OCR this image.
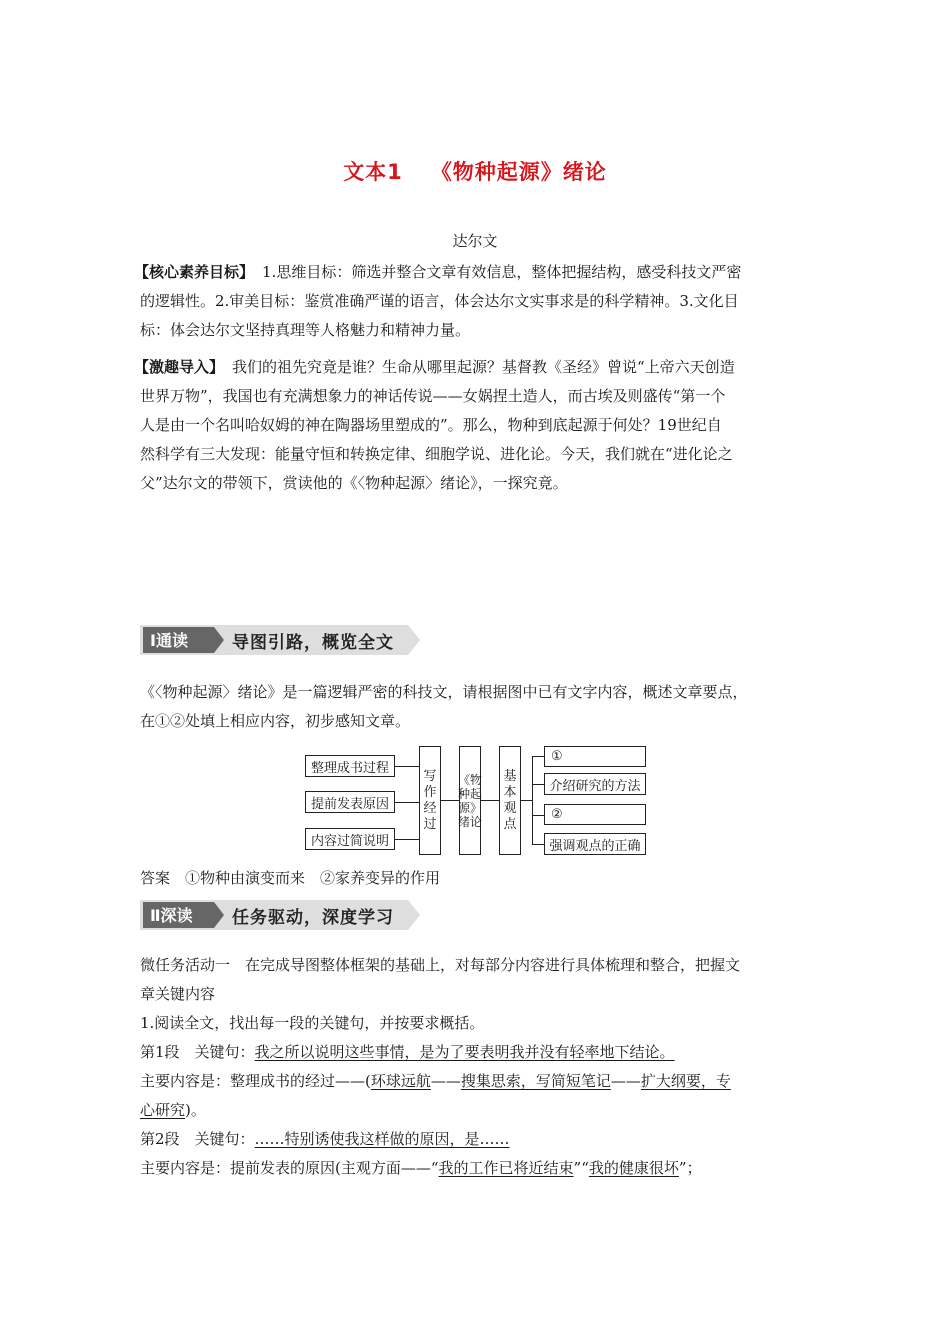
文本1 《物种起源》绪论
达尔文
【核心素养目标】 1.思维目标：筛选并整合文章有效信息，整体把握结构，感受科技文严密
的逻辑性。2.审美目标：鉴赏准确严谨的语言，体会达尔文实事求是的科学精神。3.文化目
标：体会达尔文坚持真理等人格魅力和精神力量。
【激趣导入】 我们的祖先究竟是谁？生命从哪里起源？基督教《圣经》曾说“上帝六天创造
世界万物”，我国也有充满想象力的神话传说——女娲捏土造人，而古埃及则盛传“第一个
人是由一个名叫哈奴姆的神在陶器场里塑成的”。那么，物种到底起源于何处？19世纪自
然科学有三大发现：能量守恒和转换定律、细胞学说、进化论。今天，我们就在“进化论之
父”达尔文的带领下，赏读他的《〈物种起源〉绪论》，一探究竟。
Ⅰ通读	导图引路，概览全文
《〈物种起源〉绪论》是一篇逻辑严密的科技文，请根据图中已有文字内容，概述文章要点，
在①②处填上相应内容，初步感知文章。
整理成书过程
提前发表原因
内容过简说明
写作经过
《物种起源》绪论
基本观点
①
介绍研究的方法
②
强调观点的正确
答案　①物种由演变而来　②家养变异的作用
Ⅱ深读 任务驱动，深度学习
微任务活动一　在完成导图整体框架的基础上，对每部分内容进行具体梳理和整合，把握文
章关键内容
1.阅读全文，找出每一段的关键句，并按要求概括。
第1段　关键句：我之所以说明这些事情，是为了要表明我并没有轻率地下结论。
主要内容是：整理成书的经过——(环球远航——搜集思索，写简短笔记——扩大纲要，专
心研究)。
第2段　关键句：……特别诱使我这样做的原因，是……
主要内容是：提前发表的原因(主观方面——“我的工作已将近结束”“我的健康很坏”；
